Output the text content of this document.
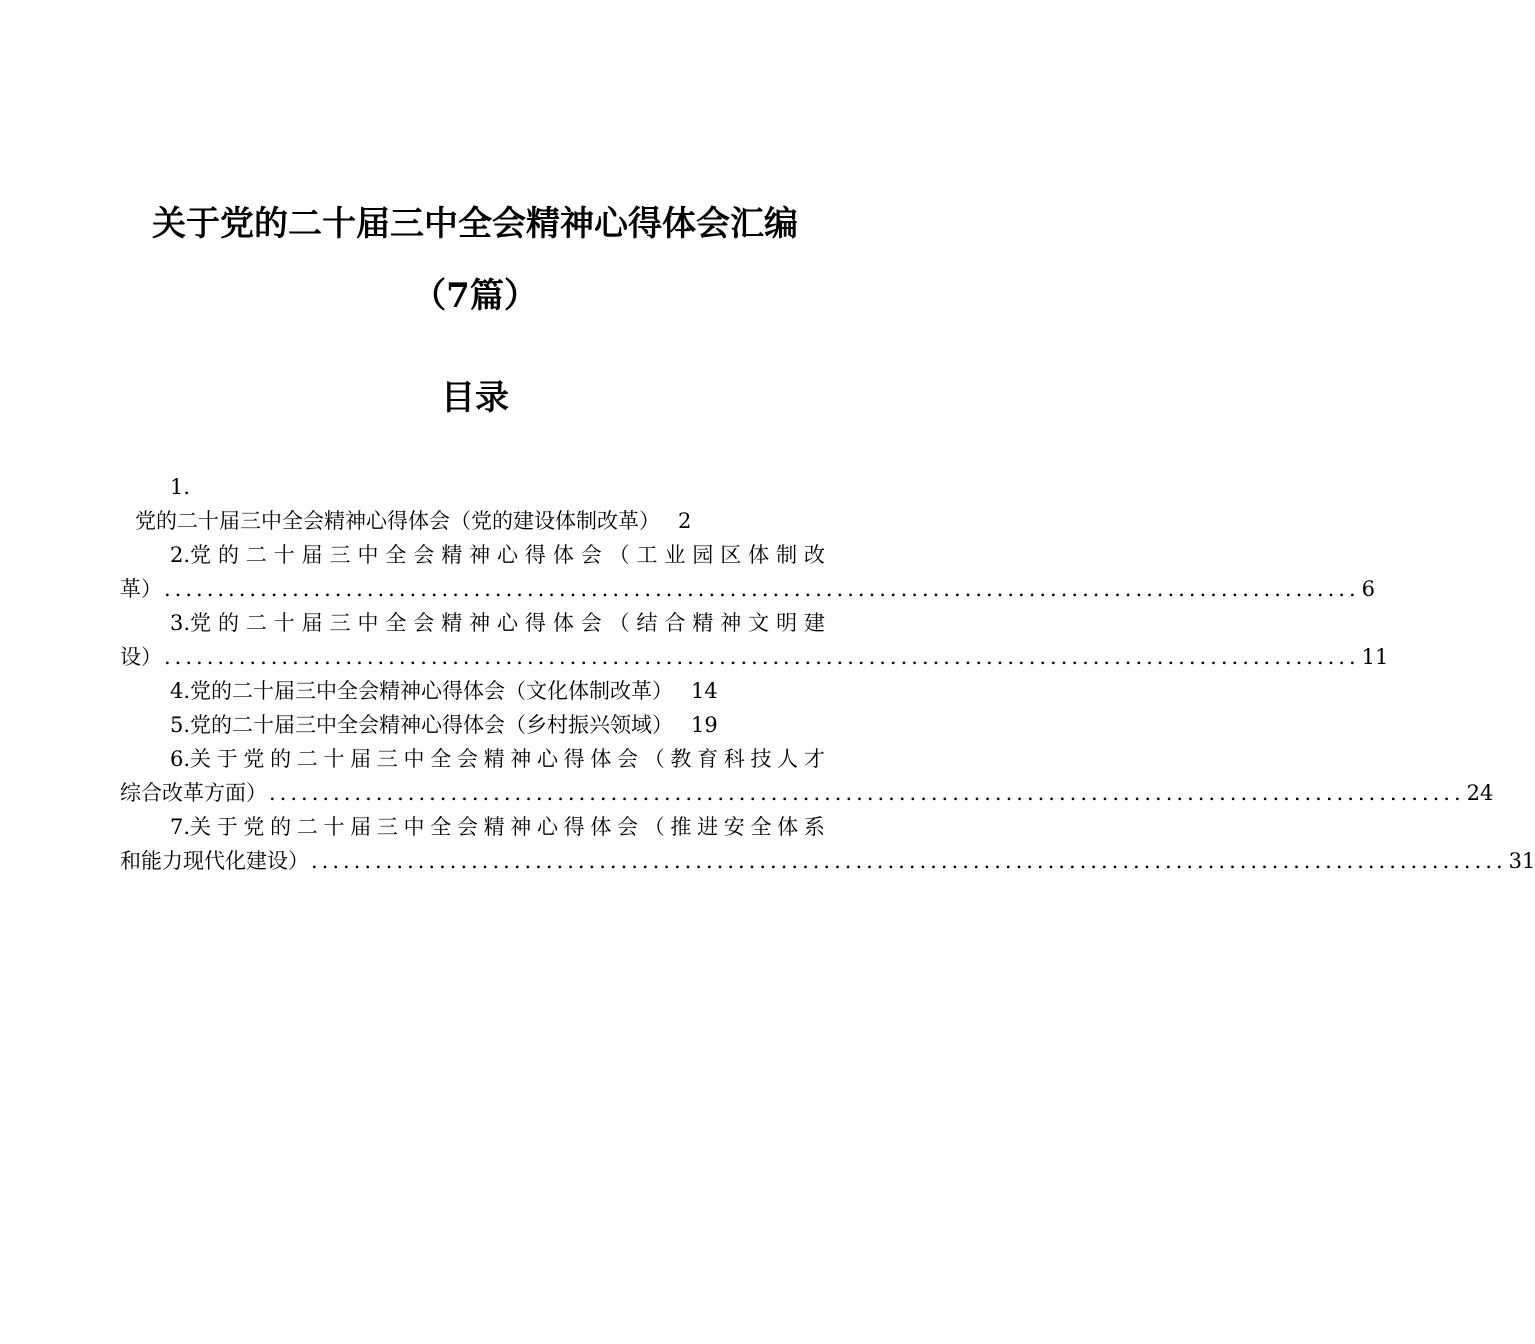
关于党的二十届三中全会精神心得体会汇编
（7篇）
目录
1.
党的二十届三中全会精神心得体会（党的建设体制改革） 2
2.党 的 二 十 届 三 中 全 会 精 神 心 得 体 会 （ 工 业 园 区 体 制 改
革） ................................................................................................................ 6
3.党 的 二 十 届 三 中 全 会 精 神 心 得 体 会 （ 结 合 精 神 文 明 建
设） ................................................................................................................ 11
4.党的二十届三中全会精神心得体会（文化体制改革） 14
5.党的二十届三中全会精神心得体会（乡村振兴领域） 19
6.关 于 党 的 二 十 届 三 中 全 会 精 神 心 得 体 会 （ 教 育 科 技 人 才
综合改革方面） ................................................................................................................ 24
7.关 于 党 的 二 十 届 三 中 全 会 精 神 心 得 体 会 （ 推 进 安 全 体 系
和能力现代化建设） ................................................................................................................ 31
